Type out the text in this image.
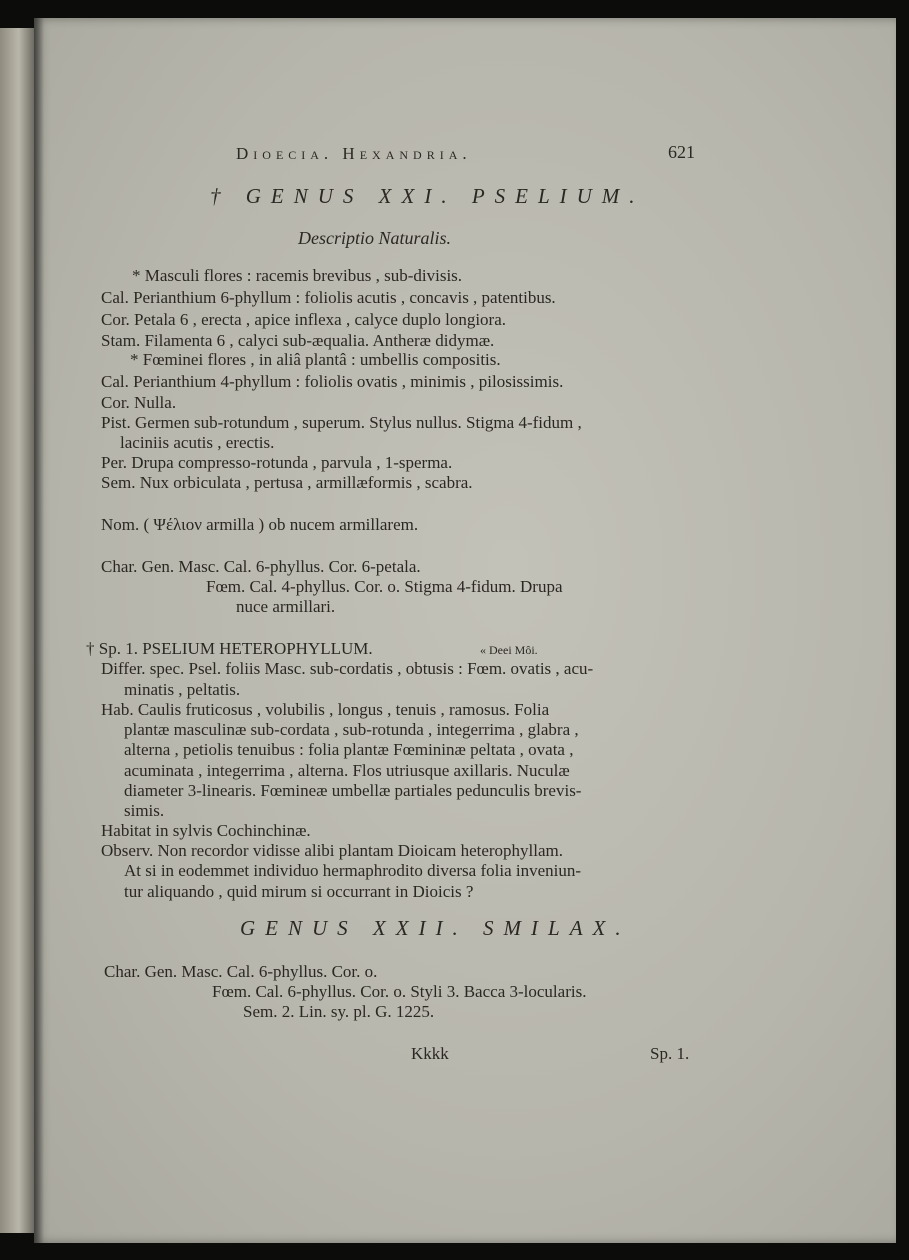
Dioecia. Hexandria.	621
† GENUS XXI. PSELIUM.
Descriptio Naturalis.
* Masculi flores : racemis brevibus , sub-divisis.
Cal. Perianthium 6-phyllum : foliolis acutis , concavis , patentibus.
Cor. Petala 6 , erecta , apice inflexa , calyce duplo longiora.
Stam. Filamenta 6 , calyci sub-æqualia. Antheræ didymæ.
* Fœminei flores , in aliâ plantâ : umbellis compositis.
Cal. Perianthium 4-phyllum : foliolis ovatis , minimis , pilosissimis.
Cor. Nulla.
Pist. Germen sub-rotundum , superum. Stylus nullus. Stigma 4-fidum ,
laciniis acutis , erectis.
Per. Drupa compresso-rotunda , parvula , 1-sperma.
Sem. Nux orbiculata , pertusa , armillæformis , scabra.
Nom. ( Ψέλιον armilla ) ob nucem armillarem.
Char. Gen. Masc. Cal. 6-phyllus. Cor. 6-petala.
Fœm. Cal. 4-phyllus. Cor. o. Stigma 4-fidum. Drupa
nuce armillari.
† Sp. 1. PSELIUM HETEROPHYLLUM.	« Deei Môi.
Differ. spec. Psel. foliis Masc. sub-cordatis , obtusis : Fœm. ovatis , acu-
minatis , peltatis.
Hab. Caulis fruticosus , volubilis , longus , tenuis , ramosus. Folia
plantæ masculinæ sub-cordata , sub-rotunda , integerrima , glabra ,
alterna , petiolis tenuibus : folia plantæ Fœmininæ peltata , ovata ,
acuminata , integerrima , alterna. Flos utriusque axillaris. Nuculæ
diameter 3-linearis. Fœmineæ umbellæ partiales pedunculis brevis-
simis.
Habitat in sylvis Cochinchinæ.
Observ. Non recordor vidisse alibi plantam Dioicam heterophyllam.
At si in eodemmet individuo hermaphrodito diversa folia inveniun-
tur aliquando , quid mirum si occurrant in Dioicis ?
GENUS XXII. SMILAX.
Char. Gen. Masc. Cal. 6-phyllus. Cor. o.
Fœm. Cal. 6-phyllus. Cor. o. Styli 3. Bacca 3-locularis.
Sem. 2. Lin. sy. pl. G. 1225.
Kkkk	Sp. 1.
